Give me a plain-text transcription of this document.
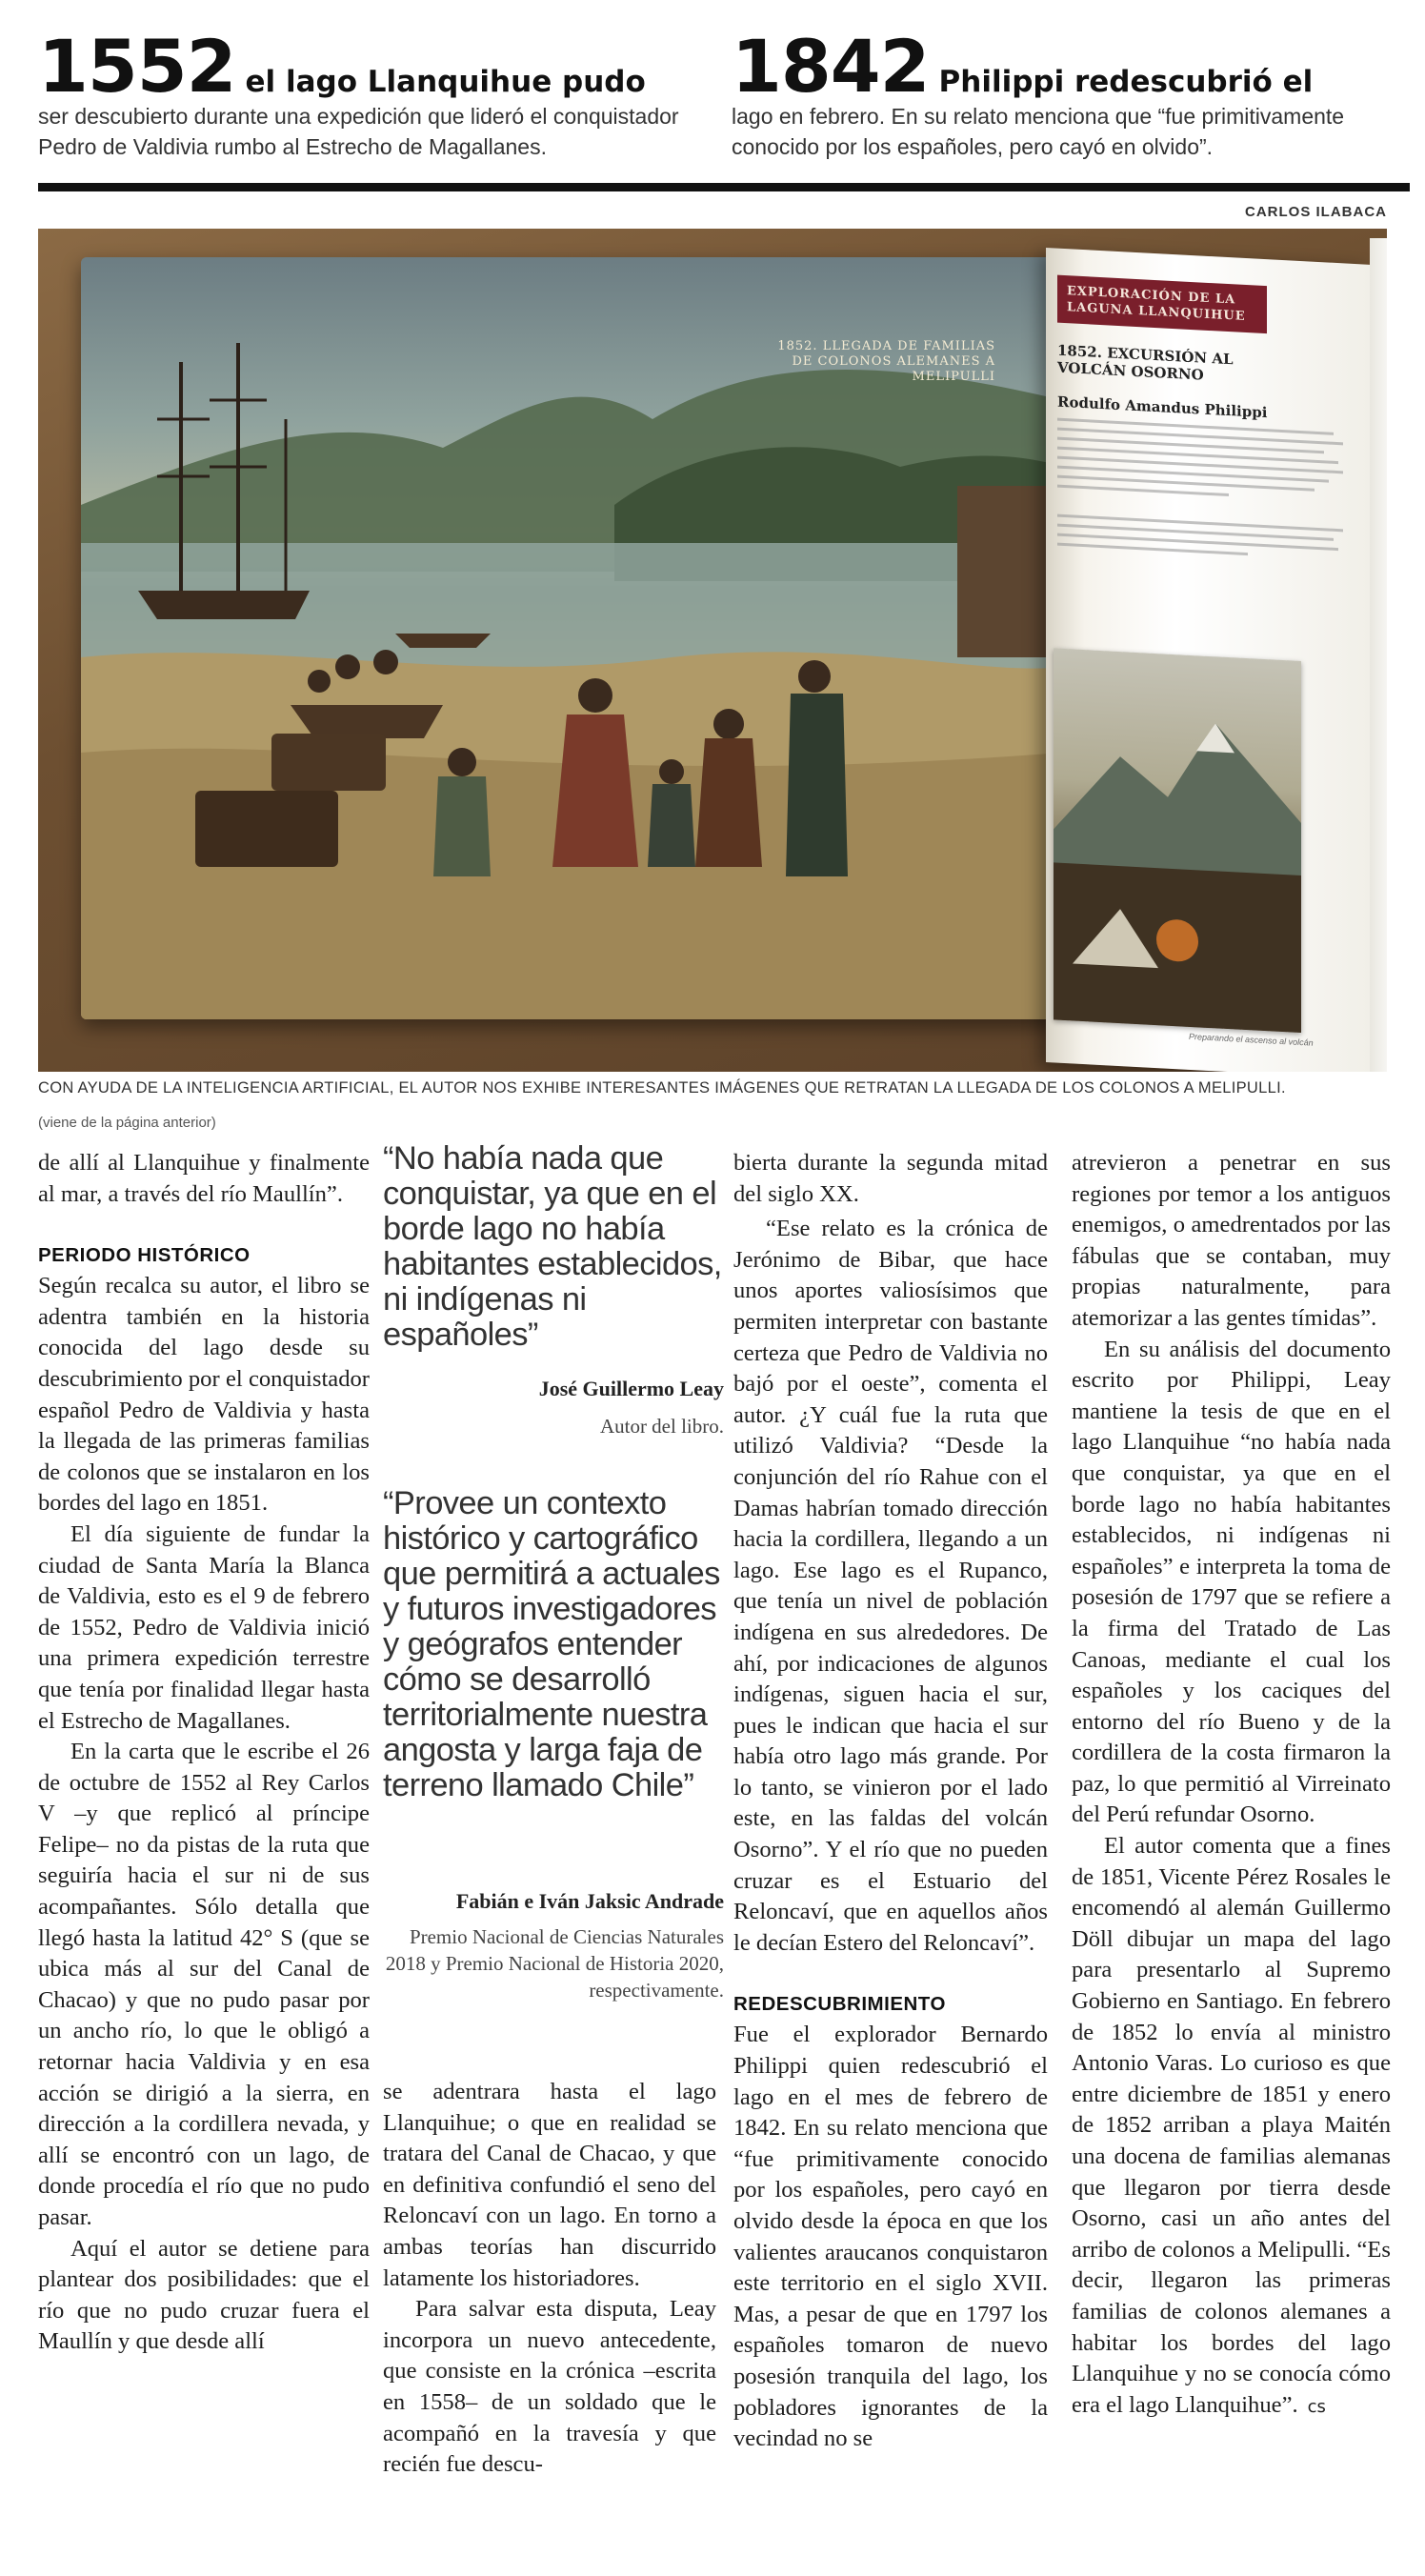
1552 el lago Llanquihue pudo
ser descubierto durante una expedición que lideró el conquistador Pedro de Valdivia rumbo al Estrecho de Magallanes.
1842 Philippi redescubrió el
lago en febrero. En su relato menciona que “fue primitivamente conocido por los españoles, pero cayó en olvido”.
CARLOS ILABACA
1852. LLEGADA DE FAMILIAS DE COLONOS ALEMANES A MELIPULLI
EXPLORACIÓN DE LA LAGUNA LLANQUIHUE
1852. EXCURSIÓN AL VOLCÁN OSORNO
Rodulfo Amandus Philippi
Preparando el ascenso al volcán
CON AYUDA DE LA INTELIGENCIA ARTIFICIAL, EL AUTOR NOS EXHIBE INTERESANTES IMÁGENES QUE RETRATAN LA LLEGADA DE LOS COLONOS A MELIPULLI.
(viene de la página anterior)

de allí al Llanquihue y finalmente al mar, a través del río Maullín”.

PERIODO HISTÓRICO

Según recalca su autor, el libro se adentra también en la historia conocida del lago desde su descubrimiento por el conquistador español Pedro de Valdivia y hasta la llegada de las primeras familias de colonos que se instalaron en los bordes del lago en 1851.

El día siguiente de fundar la ciudad de Santa María la Blanca de Valdivia, esto es el 9 de febrero de 1552, Pedro de Valdivia inició una primera expedición terrestre que tenía por finalidad llegar hasta el Estrecho de Magallanes.

En la carta que le escribe el 26 de octubre de 1552 al Rey Carlos V –y que replicó al príncipe Felipe– no da pistas de la ruta que seguiría hacia el sur ni de sus acompañantes. Sólo detalla que llegó hasta la latitud 42° S (que se ubica más al sur del Canal de Chacao) y que no pudo pasar por un ancho río, lo que le obligó a retornar hacia Valdivia y en esa acción se dirigió a la sierra, en dirección a la cordillera nevada, y allí se encontró con un lago, de donde procedía el río que no pudo pasar.

Aquí el autor se detiene para plantear dos posibilidades: que el río que no pudo cruzar fuera el Maullín y que desde allí

“No había nada que conquistar, ya que en el borde lago no había habitantes establecidos, ni indígenas ni españoles”
José Guillermo Leay
Autor del libro.
“Provee un contexto histórico y cartográfico que permitirá a actuales y futuros investigadores y geógrafos entender cómo se desarrolló territorialmente nuestra angosta y larga faja de terreno llamado Chile”
Fabián e Iván Jaksic Andrade
Premio Nacional de Ciencias Naturales 2018 y Premio Nacional de Historia 2020, respectivamente.

se adentrara hasta el lago Llanquihue; o que en realidad se tratara del Canal de Chacao, y que en definitiva confundió el seno del Reloncaví con un lago. En torno a ambas teorías han discurrido latamente los historiadores.

Para salvar esta disputa, Leay incorpora un nuevo antecedente, que consiste en la crónica –escrita en 1558– de un soldado que le acompañó en la travesía y que recién fue descu-

bierta durante la segunda mitad del siglo XX.

“Ese relato es la crónica de Jerónimo de Bibar, que hace unos aportes valiosísimos que permiten interpretar con bastante certeza que Pedro de Valdivia no bajó por el oeste”, comenta el autor. ¿Y cuál fue la ruta que utilizó Valdivia? “Desde la conjunción del río Rahue con el Damas habrían tomado dirección hacia la cordillera, llegando a un lago. Ese lago es el Rupanco, que tenía un nivel de población indígena en sus alrededores. De ahí, por indicaciones de algunos indígenas, siguen hacia el sur, pues le indican que hacia el sur había otro lago más grande. Por lo tanto, se vinieron por el lado este, en las faldas del volcán Osorno”. Y el río que no pueden cruzar es el Estuario del Reloncaví, que en aquellos años le decían Estero del Reloncaví”.

REDESCUBRIMIENTO

Fue el explorador Bernardo Philippi quien redescubrió el lago en el mes de febrero de 1842. En su relato menciona que “fue primitivamente conocido por los españoles, pero cayó en olvido desde la época en que los valientes araucanos conquistaron este territorio en el siglo XVII. Mas, a pesar de que en 1797 los españoles tomaron de nuevo posesión tranquila del lago, los pobladores ignorantes de la vecindad no se

atrevieron a penetrar en sus regiones por temor a los antiguos enemigos, o amedrentados por las fábulas que se contaban, muy propias naturalmente, para atemorizar a las gentes tímidas”.

En su análisis del documento escrito por Philippi, Leay mantiene la tesis de que en el lago Llanquihue “no había nada que conquistar, ya que en el borde lago no había habitantes establecidos, ni indígenas ni españoles” e interpreta la toma de posesión de 1797 que se refiere a la firma del Tratado de Las Canoas, mediante el cual los españoles y los caciques del entorno del río Bueno y de la cordillera de la costa firmaron la paz, lo que permitió al Virreinato del Perú refundar Osorno.

El autor comenta que a fines de 1851, Vicente Pérez Rosales le encomendó al alemán Guillermo Döll dibujar un mapa del lago para presentarlo al Supremo Gobierno en Santiago. En febrero de 1852 lo envía al ministro Antonio Varas. Lo curioso es que entre diciembre de 1851 y enero de 1852 arriban a playa Maitén una docena de familias alemanas que llegaron por tierra desde Osorno, casi un año antes del arribo de colonos a Melipulli. “Es decir, llegaron las primeras familias de colonos alemanes a habitar los bordes del lago Llanquihue y no se conocía cómo era el lago Llanquihue”. cs
